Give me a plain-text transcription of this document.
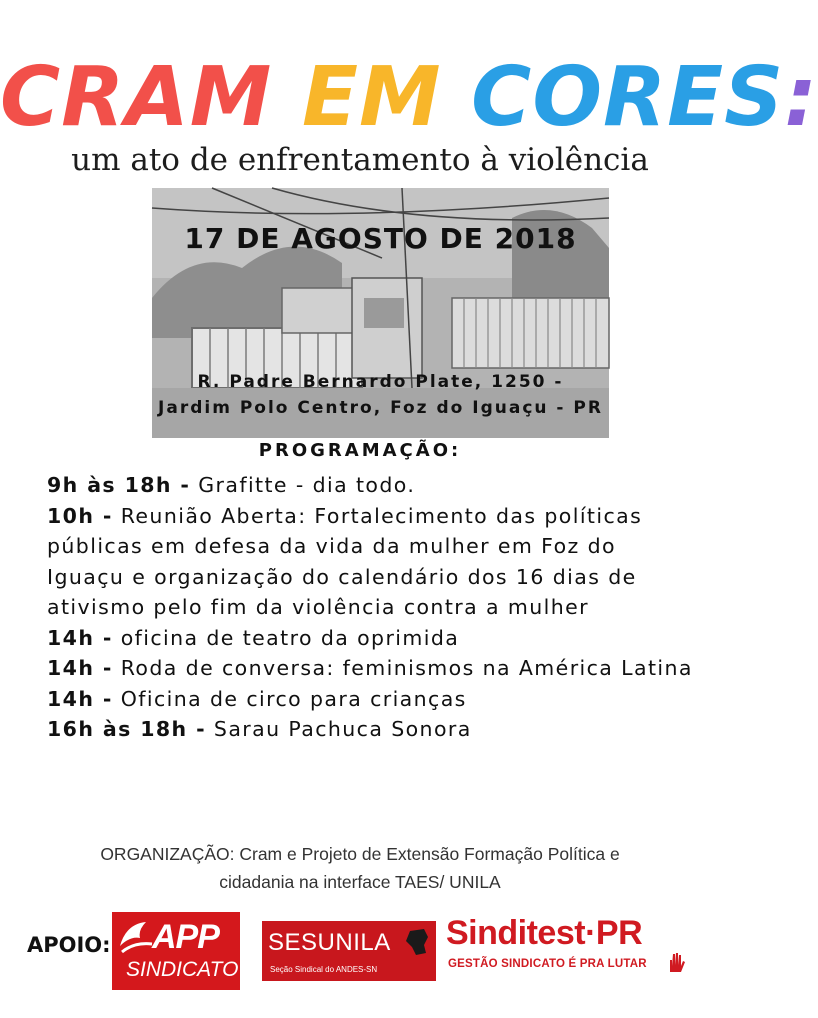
CRAM EM CORES:
um ato de enfrentamento à violência
17 DE AGOSTO DE 2018
R. Padre Bernardo Plate, 1250 -
Jardim Polo Centro, Foz do Iguaçu - PR
PROGRAMAÇÃO:

9h às 18h - Grafitte - dia todo.

10h - Reunião Aberta: Fortalecimento das políticas públicas em defesa da vida da mulher em Foz do Iguaçu e organização do calendário dos 16 dias de ativismo pelo fim da violência contra a mulher

14h - oficina de teatro da oprimida

14h - Roda de conversa: feminismos na América Latina

14h - Oficina de circo para crianças

16h às 18h - Sarau Pachuca Sonora

ORGANIZAÇÃO: Cram e Projeto de Extensão Formação Política e
cidadania na interface TAES/ UNILA
APOIO: APP
SINDICATO
SESUNILA
Seção Sindical do ANDES-SN
Sinditest·PR
GESTÃO SINDICATO É PRA LUTAR
